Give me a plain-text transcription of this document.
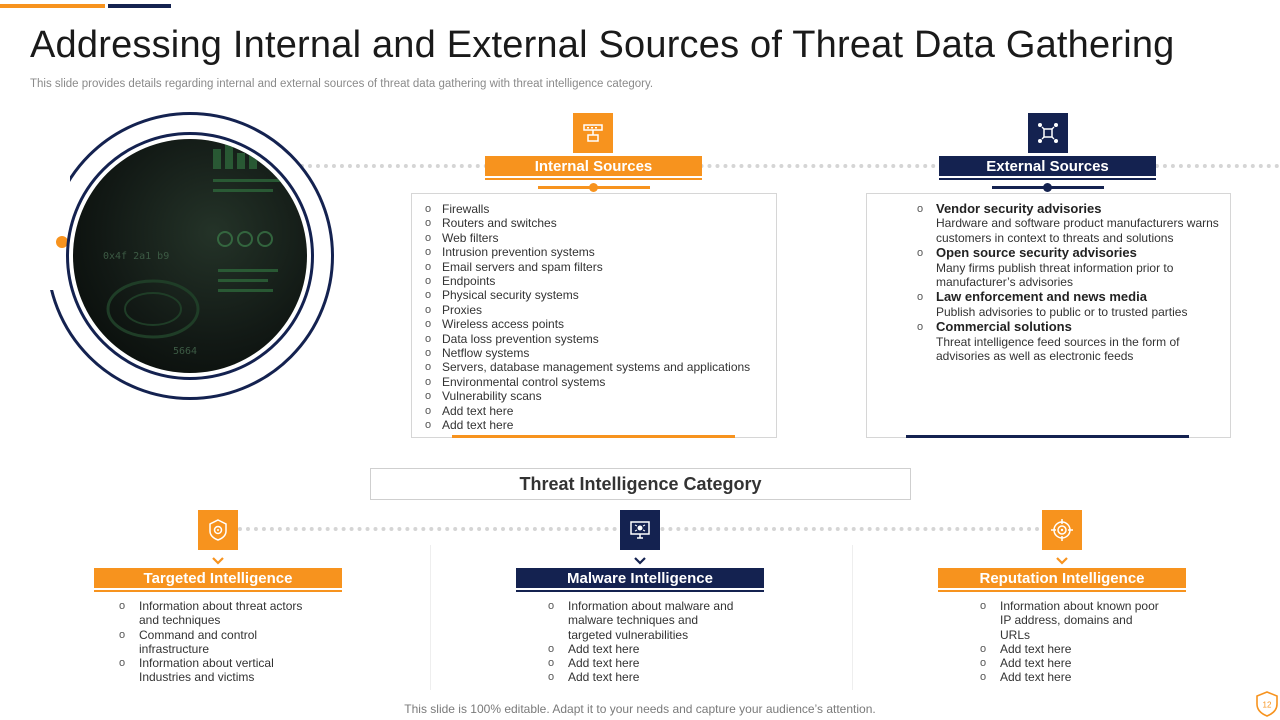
Addressing Internal and External Sources of Threat Data Gathering

This slide provides details regarding internal and external sources of threat data gathering with threat intelligence category.

0x4f 2a1 b9
5664
Internal Sources
o Firewalls
o Routers and switches
o Web filters
o Intrusion prevention systems
o Email servers and spam filters
o Endpoints
o Physical security systems
o Proxies
o Wireless access points
o Data loss prevention systems
o Netflow systems
o Servers, database management systems and applications
o Environmental control systems
o Vulnerability scans
o Add text here
o Add text here
External Sources
o Vendor security advisories
Hardware and software product manufacturers warns customers in context to threats and solutions
o Open source security advisories
Many firms publish threat information prior to manufacturer’s advisories
o Law enforcement and news media
Publish advisories to public or to trusted parties
o Commercial solutions
Threat intelligence feed sources in the form of advisories as well as electronic feeds
Threat Intelligence Category
Targeted Intelligence
o Information about threat actors and techniques
o Command and control infrastructure
o Information about vertical Industries and victims
Malware Intelligence
o Information about malware and malware techniques and targeted vulnerabilities
o Add text here
o Add text here
o Add text here
Reputation Intelligence
o Information about known poor IP address, domains and URLs
o Add text here
o Add text here
o Add text here
This slide is 100% editable. Adapt it to your needs and capture your audience’s attention.	12
